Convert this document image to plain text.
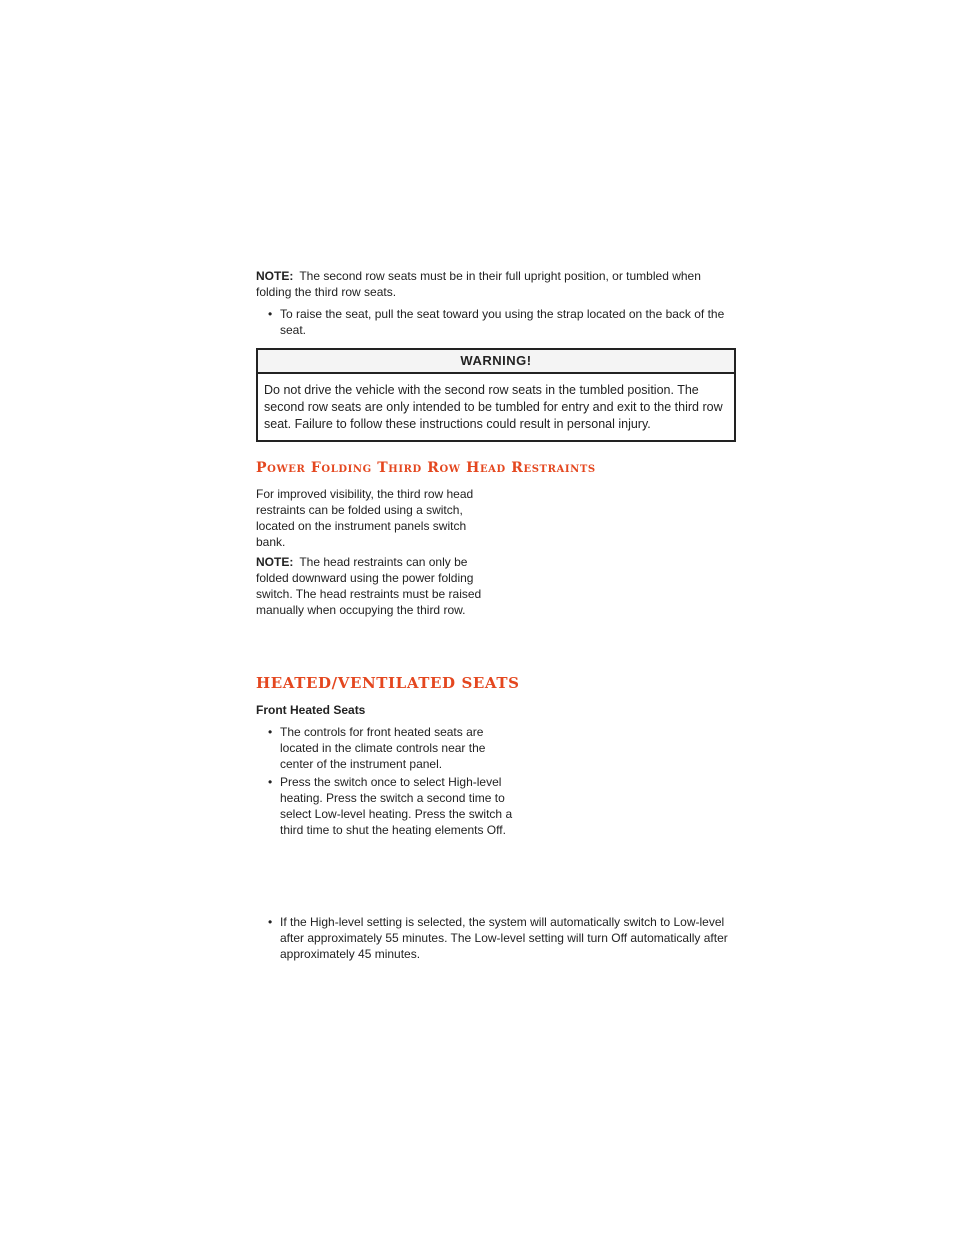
NOTE: The second row seats must be in their full upright position, or tumbled when folding the third row seats.

• To raise the seat, pull the seat toward you using the strap located on the back of the seat.

WARNING!
Do not drive the vehicle with the second row seats in the tumbled position. The second row seats are only intended to be tumbled for entry and exit to the third row seat. Failure to follow these instructions could result in personal injury.
Power Folding Third Row Head Restraints

For improved visibility, the third row head restraints can be folded using a switch, located on the instrument panels switch bank.

NOTE: The head restraints can only be folded downward using the power folding switch. The head restraints must be raised manually when occupying the third row.

HEATED/VENTILATED SEATS

Front Heated Seats

• The controls for front heated seats are located in the climate controls near the center of the instrument panel.

• Press the switch once to select High-level heating. Press the switch a second time to select Low-level heating. Press the switch a third time to shut the heating elements Off.

• If the High-level setting is selected, the system will automatically switch to Low-level after approximately 55 minutes. The Low-level setting will turn Off automatically after approximately 45 minutes.
